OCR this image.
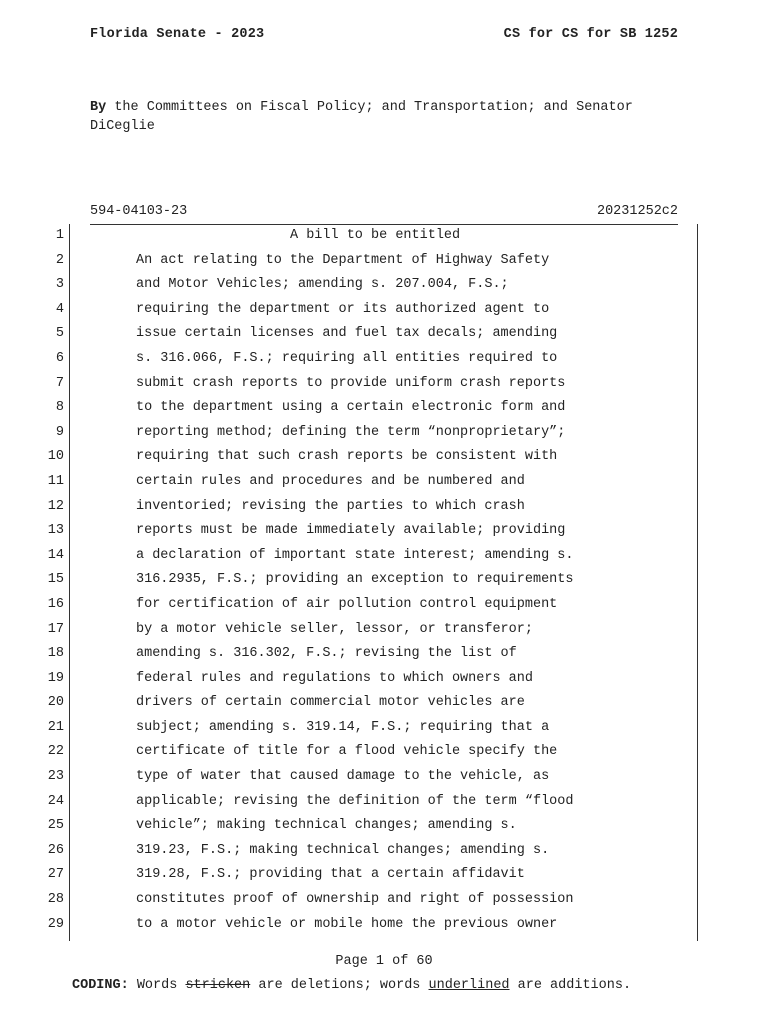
Florida Senate - 2023	CS for CS for SB 1252
By the Committees on Fiscal Policy; and Transportation; and Senator DiCeglie
594-04103-23	20231252c2
1	A bill to be entitled
2	An act relating to the Department of Highway Safety
3	and Motor Vehicles; amending s. 207.004, F.S.;
4	requiring the department or its authorized agent to
5	issue certain licenses and fuel tax decals; amending
6	s. 316.066, F.S.; requiring all entities required to
7	submit crash reports to provide uniform crash reports
8	to the department using a certain electronic form and
9	reporting method; defining the term “nonproprietary”;
10	requiring that such crash reports be consistent with
11	certain rules and procedures and be numbered and
12	inventoried; revising the parties to which crash
13	reports must be made immediately available; providing
14	a declaration of important state interest; amending s.
15	316.2935, F.S.; providing an exception to requirements
16	for certification of air pollution control equipment
17	by a motor vehicle seller, lessor, or transferor;
18	amending s. 316.302, F.S.; revising the list of
19	federal rules and regulations to which owners and
20	drivers of certain commercial motor vehicles are
21	subject; amending s. 319.14, F.S.; requiring that a
22	certificate of title for a flood vehicle specify the
23	type of water that caused damage to the vehicle, as
24	applicable; revising the definition of the term “flood
25	vehicle”; making technical changes; amending s.
26	319.23, F.S.; making technical changes; amending s.
27	319.28, F.S.; providing that a certain affidavit
28	constitutes proof of ownership and right of possession
29	to a motor vehicle or mobile home the previous owner
Page 1 of 60
CODING: Words stricken are deletions; words underlined are additions.
